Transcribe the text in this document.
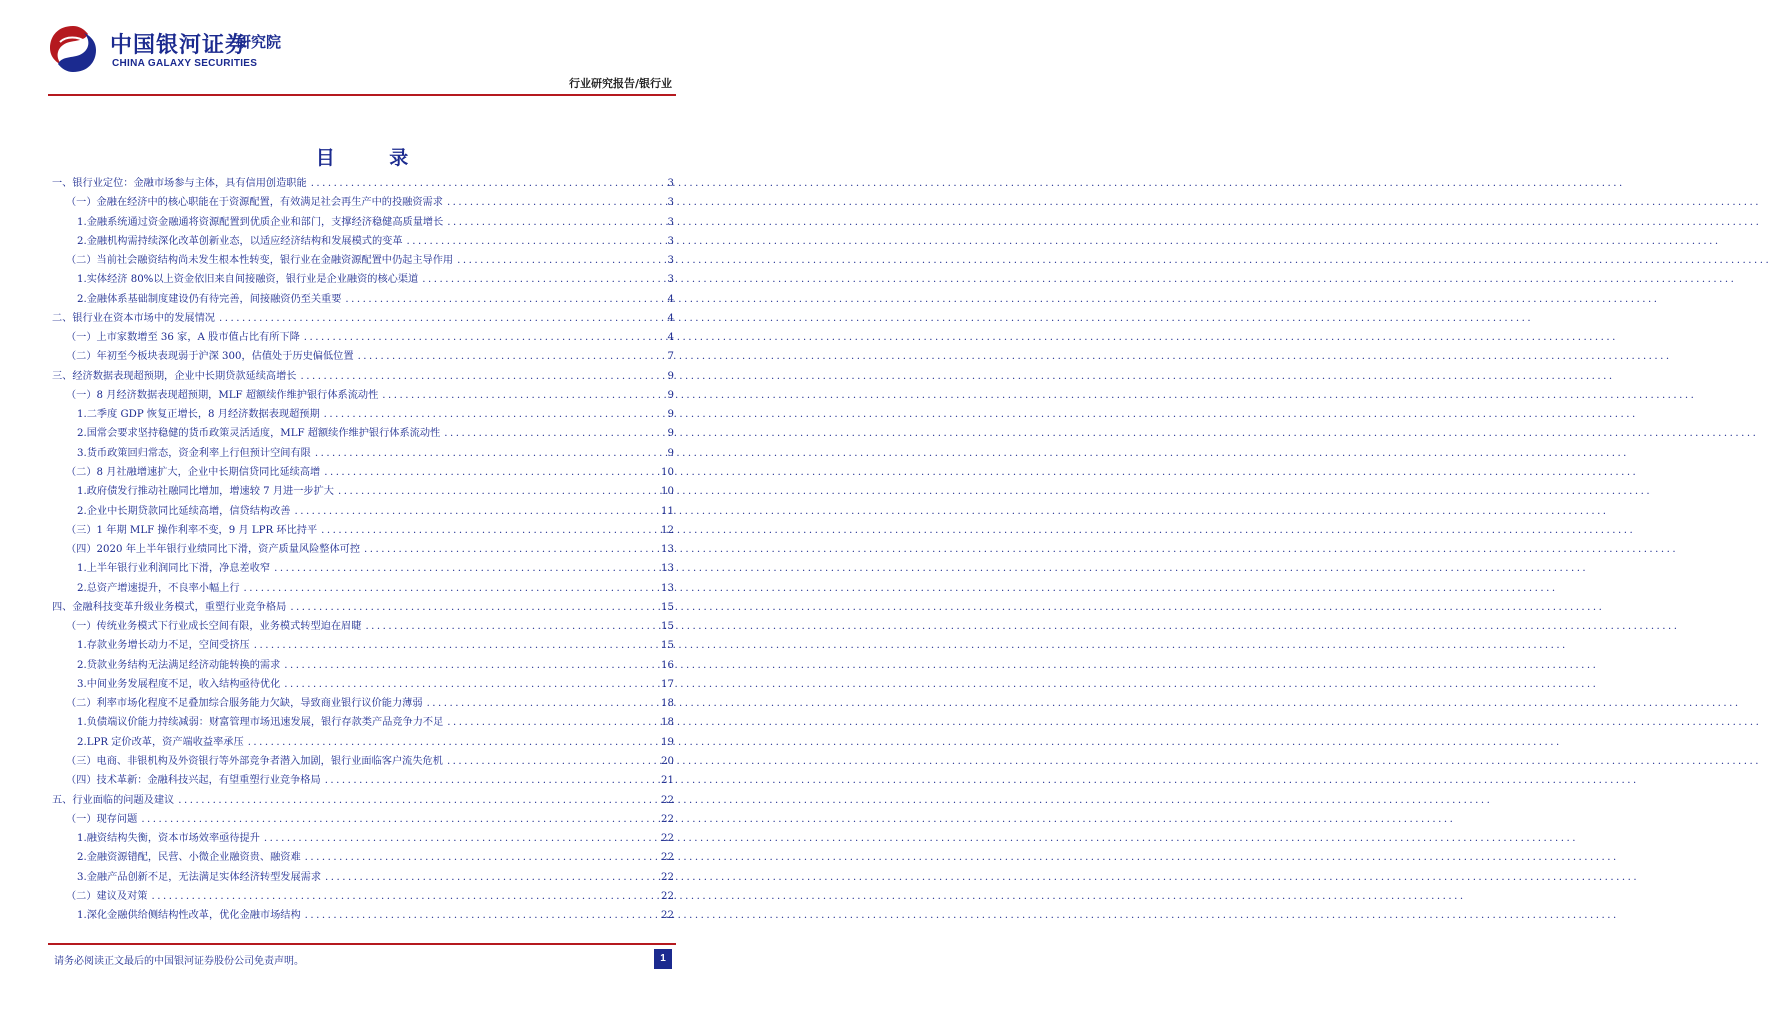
中国银河证券
研究院
CHINA GALAXY SECURITIES
行业研究报告/银行业
目 录
一、银行业定位：金融市场参与主体，具有信用创造职能 .....	3
（一）金融在经济中的核心职能在于资源配置，有效满足社会再生产中的投融资需求 .....	3
1.金融系统通过资金融通将资源配置到优质企业和部门，支撑经济稳健高质量增长 .....	3
2.金融机构需持续深化改革创新业态，以适应经济结构和发展模式的变革 .....	3
（二）当前社会融资结构尚未发生根本性转变，银行业在金融资源配置中仍起主导作用 .....	3
1.实体经济 80%以上资金依旧来自间接融资，银行业是企业融资的核心渠道 .....	3
2.金融体系基础制度建设仍有待完善，间接融资仍至关重要 .....	4
二、银行业在资本市场中的发展情况 .....	4
（一）上市家数增至 36 家，A 股市值占比有所下降 .....	4
（二）年初至今板块表现弱于沪深 300，估值处于历史偏低位置 .....	7
三、经济数据表现超预期，企业中长期贷款延续高增长 .....	9
（一）8 月经济数据表现超预期，MLF 超额续作维护银行体系流动性 .....	9
1.二季度 GDP 恢复正增长，8 月经济数据表现超预期 .....	9
2.国常会要求坚持稳健的货币政策灵活适度，MLF 超额续作维护银行体系流动性 .....	9
3.货币政策回归常态，资金利率上行但预计空间有限 .....	9
（二）8 月社融增速扩大，企业中长期信贷同比延续高增 .....	10
1.政府债发行推动社融同比增加，增速较 7 月进一步扩大 .....	10
2.企业中长期贷款同比延续高增，信贷结构改善 .....	11
（三）1 年期 MLF 操作利率不变，9 月 LPR 环比持平 .....	12
（四）2020 年上半年银行业绩同比下滑，资产质量风险整体可控 .....	13
1.上半年银行业利润同比下滑，净息差收窄 .....	13
2.总资产增速提升，不良率小幅上行 .....	13
四、金融科技变革升级业务模式，重塑行业竞争格局 .....	15
（一）传统业务模式下行业成长空间有限，业务模式转型迫在眉睫 .....	15
1.存款业务增长动力不足，空间受挤压 .....	15
2.贷款业务结构无法满足经济动能转换的需求 .....	16
3.中间业务发展程度不足，收入结构亟待优化 .....	17
（二）利率市场化程度不足叠加综合服务能力欠缺，导致商业银行议价能力薄弱 .....	18
1.负债端议价能力持续减弱：财富管理市场迅速发展，银行存款类产品竞争力不足 .....	18
2.LPR 定价改革，资产端收益率承压 .....	19
（三）电商、非银机构及外资银行等外部竞争者潜入加剧，银行业面临客户流失危机 .....	20
（四）技术革新：金融科技兴起，有望重塑行业竞争格局 .....	21
五、行业面临的问题及建议 .....	22
（一）现存问题 .....	22
1.融资结构失衡，资本市场效率亟待提升 .....	22
2.金融资源错配，民营、小微企业融资贵、融资难 .....	22
3.金融产品创新不足，无法满足实体经济转型发展需求 .....	22
（二）建议及对策 .....	22
1.深化金融供给侧结构性改革，优化金融市场结构 .....	22
请务必阅读正文最后的中国银河证券股份公司免责声明。	1
